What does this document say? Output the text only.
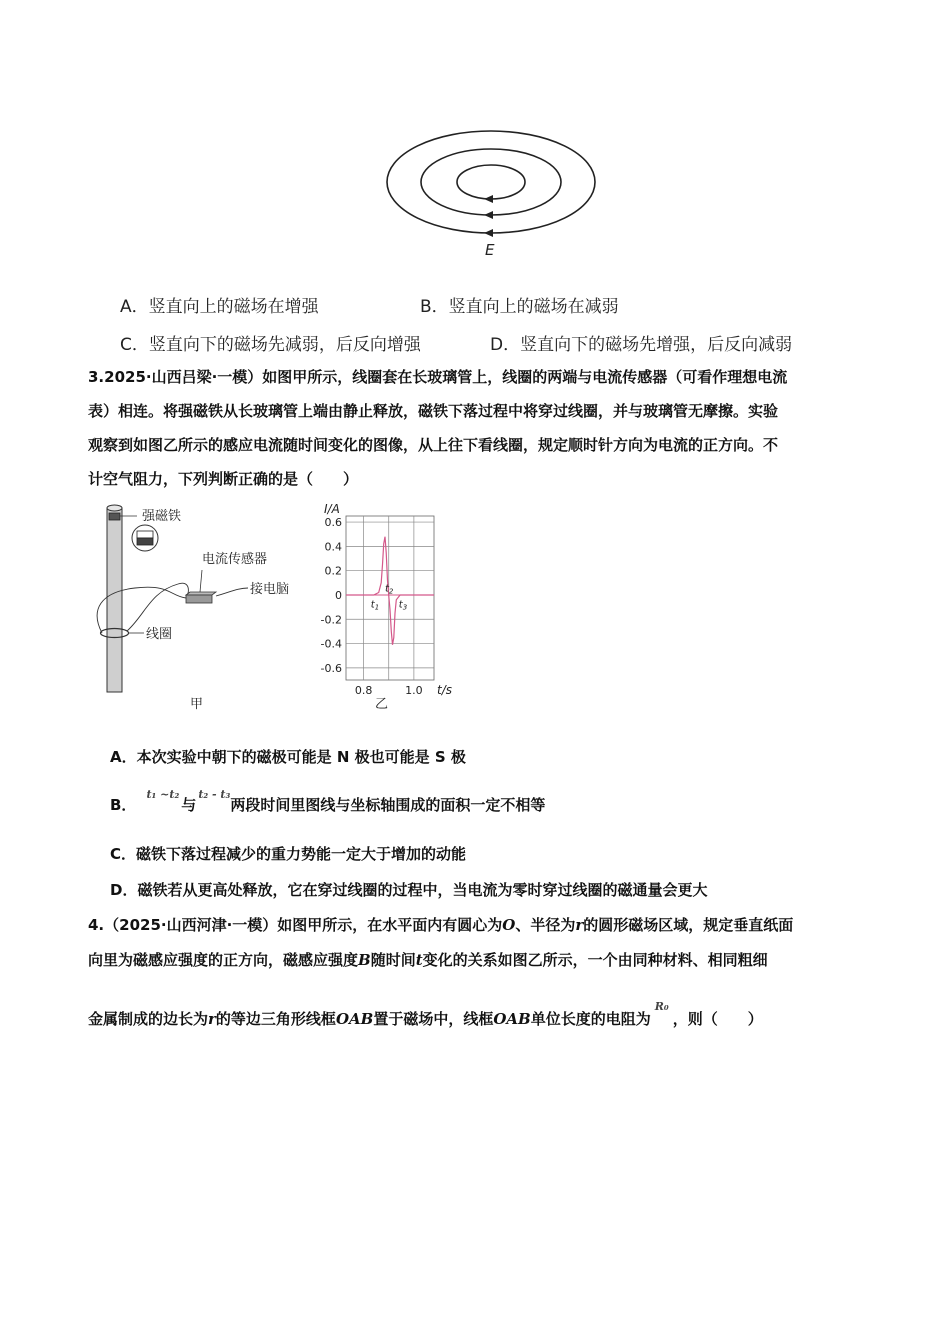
E
A．竖直向上的磁场在增强	B．竖直向上的磁场在减弱
C．竖直向下的磁场先减弱，后反向增强	D．竖直向下的磁场先增强，后反向减弱
3.2025·山西吕梁·一模）如图甲所示，线圈套在长玻璃管上，线圈的两端与电流传感器（可看作理想电流
表）相连。将强磁铁从长玻璃管上端由静止释放，磁铁下落过程中将穿过线圈，并与玻璃管无摩擦。实验
观察到如图乙所示的感应电流随时间变化的图像，从上往下看线圈，规定顺时针方向为电流的正方向。不
计空气阻力，下列判断正确的是（　　）
强磁铁
线圈
电流传感器
接电脑
甲
0.6
0.4
0.2
0
-0.2
-0.4
-0.6
0.8	1.0
I/A
t/s
$t_1$
$t_2$
$t_3$
乙
A．本次实验中朝下的磁极可能是 N 极也可能是 S 极
B．$^{t_1 \sim t_2}$与$^{t_2 - t_3}$两段时间里图线与坐标轴围成的面积一定不相等
C．磁铁下落过程减少的重力势能一定大于增加的动能
D．磁铁若从更高处释放，它在穿过线圈的过程中，当电流为零时穿过线圈的磁通量会更大
4.（2025·山西河津·一模）如图甲所示，在水平面内有圆心为O、半径为r的圆形磁场区域，规定垂直纸面
向里为磁感应强度的正方向，磁感应强度B随时间t变化的关系如图乙所示，一个由同种材料、相同粗细
金属制成的边长为r的等边三角形线框OAB置于磁场中，线框OAB单位长度的电阻为$^{R_0}$，则（　　）
